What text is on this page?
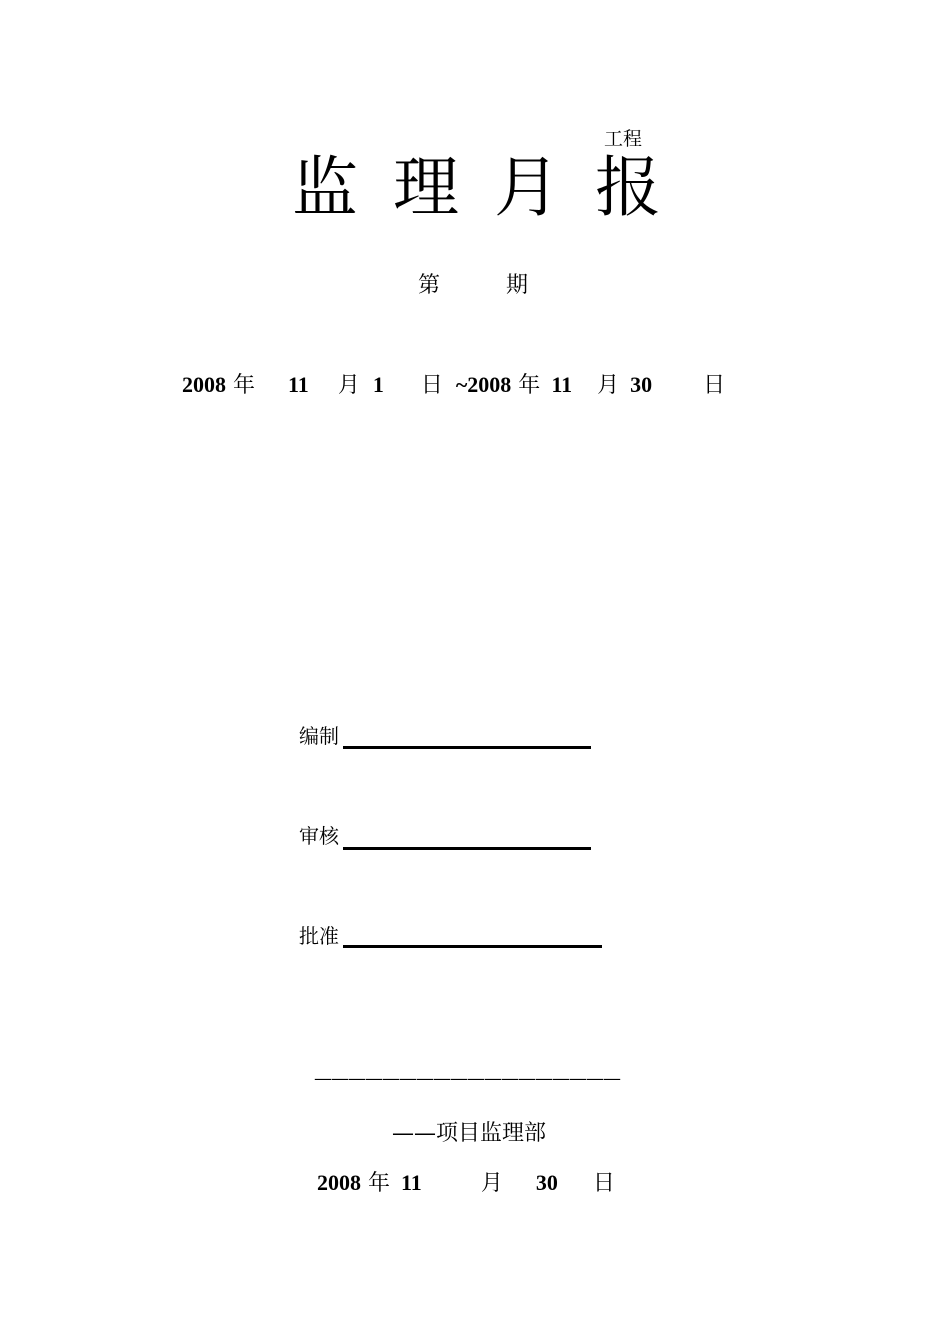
工程
监 理 月 报
第	期
2008 年 11 月 1 日 ~2008 年 11 月 30 日
编制
审核
批准
——————————————————
——项目监理部
2008 年 11	月 30 日
